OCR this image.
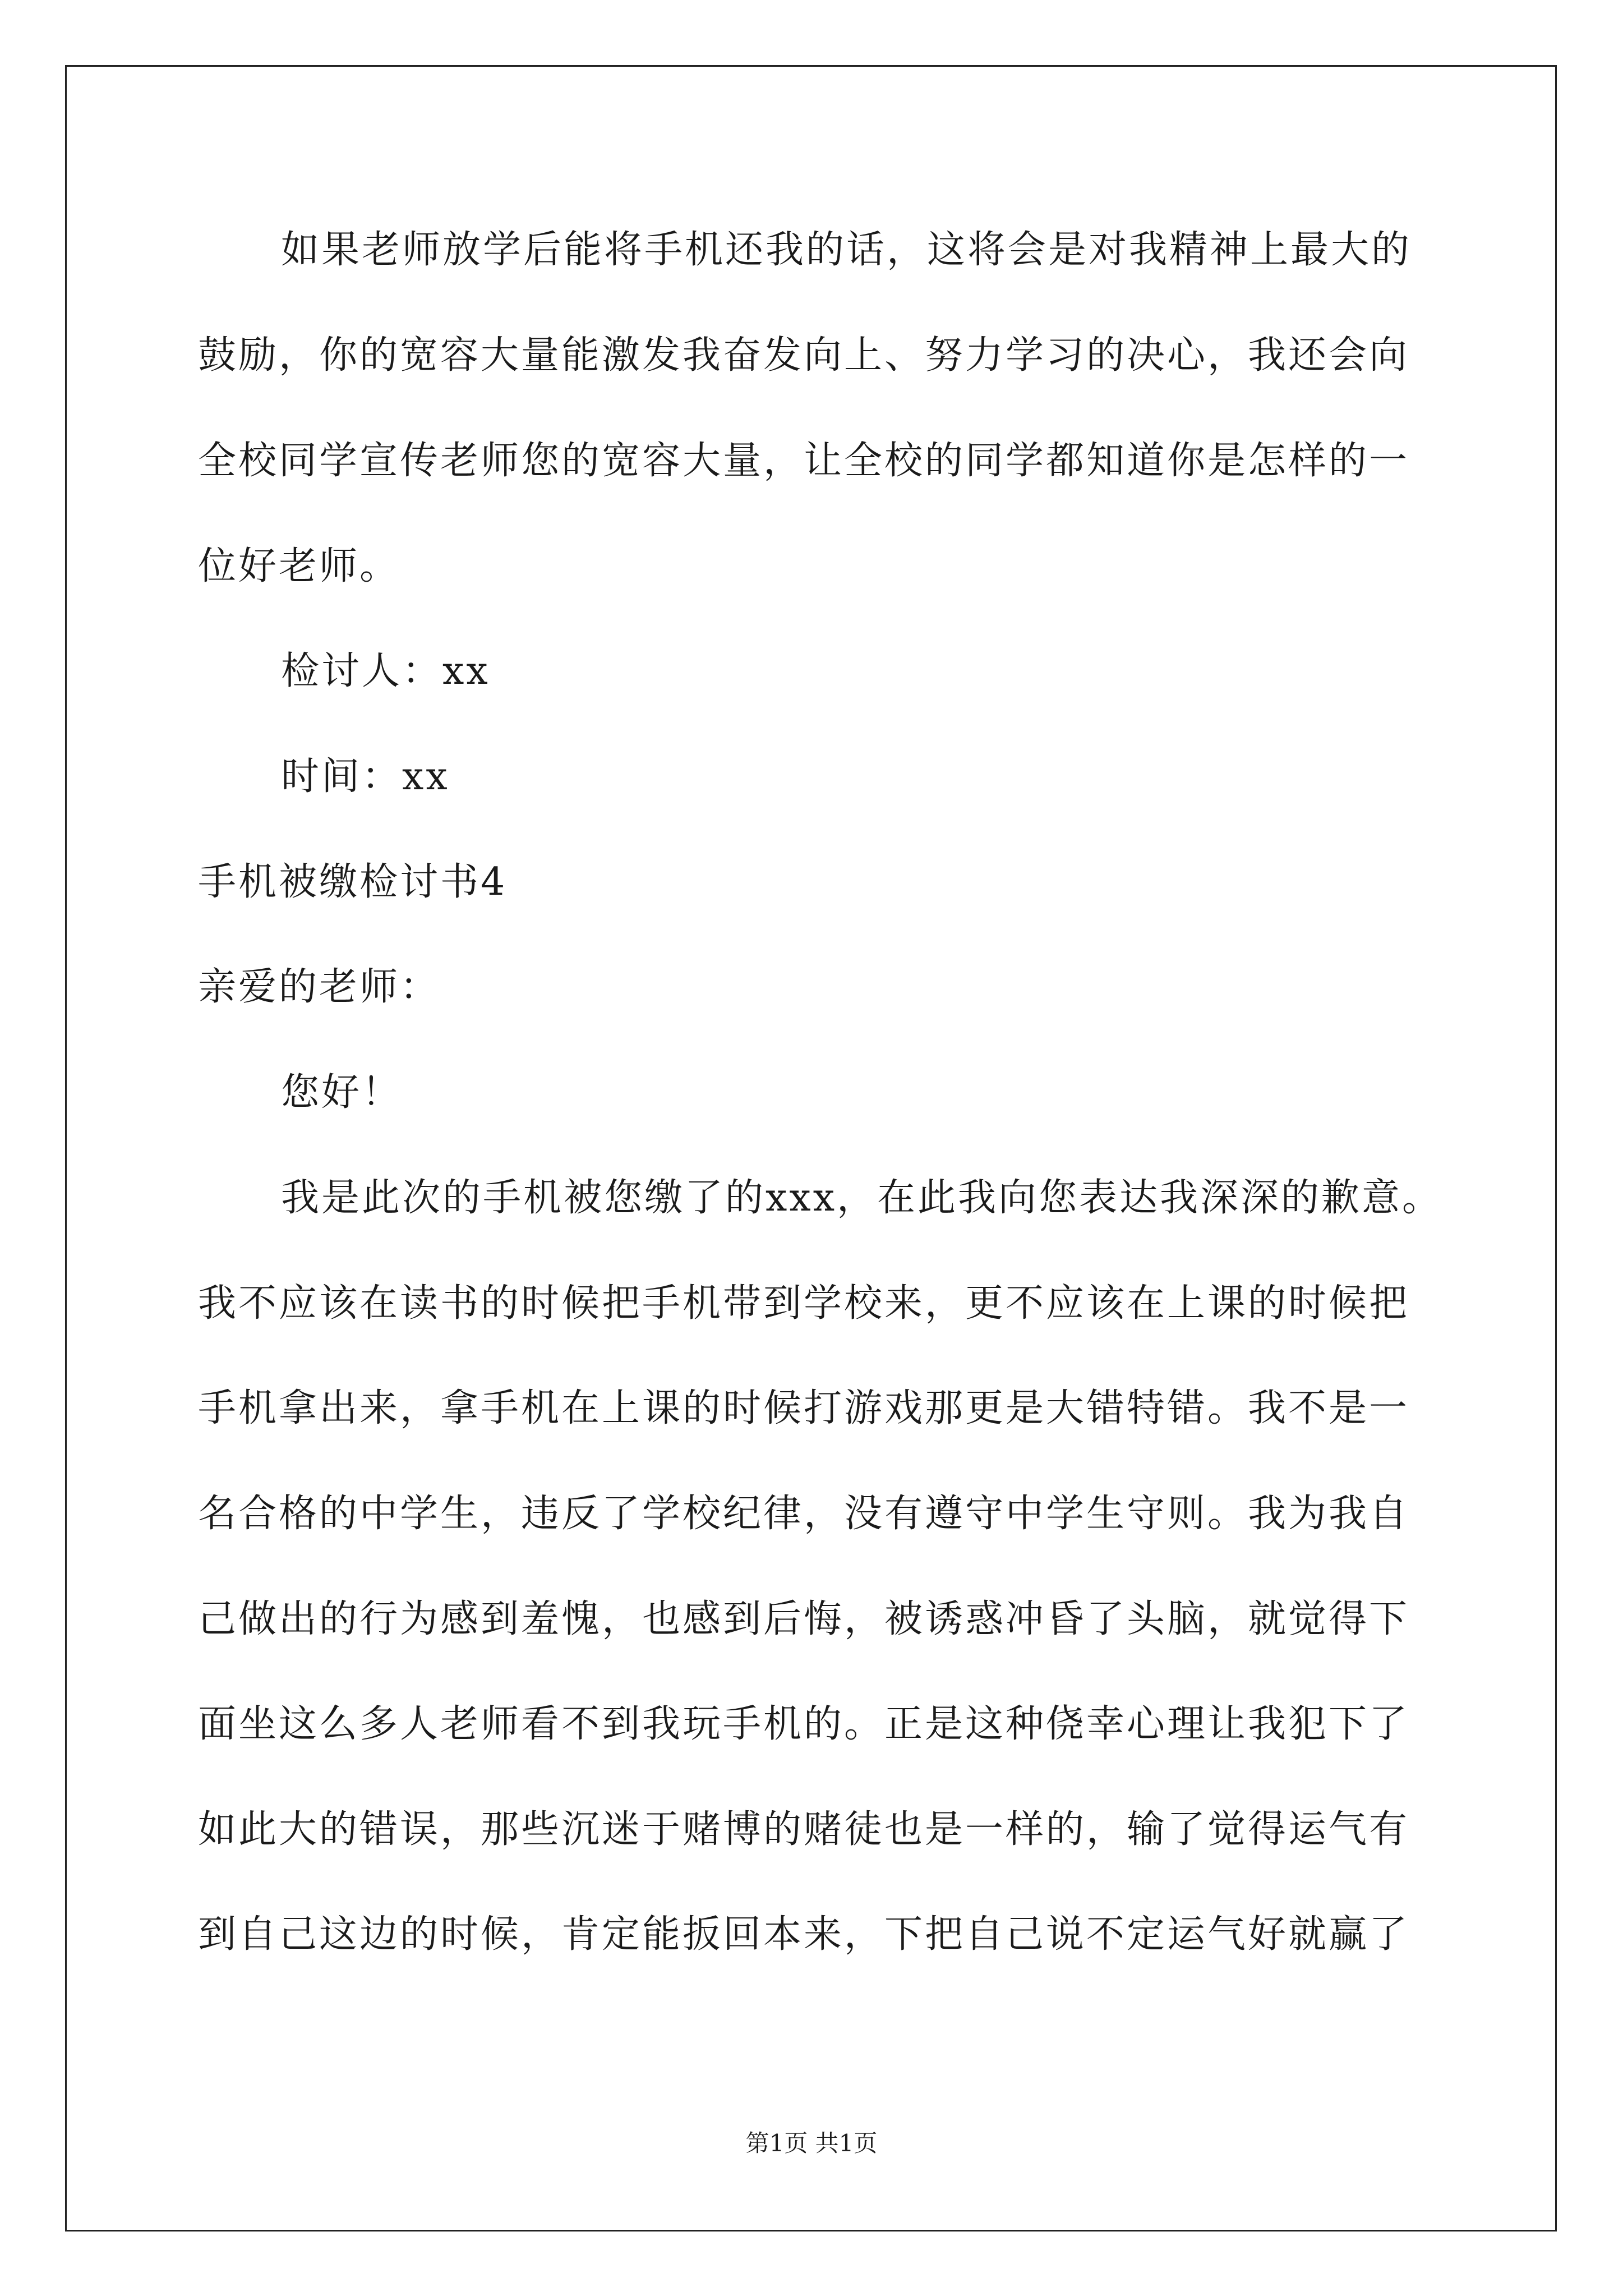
如果老师放学后能将手机还我的话，这将会是对我精神上最大的
鼓励，你的宽容大量能激发我奋发向上、努力学习的决心，我还会向
全校同学宣传老师您的宽容大量，让全校的同学都知道你是怎样的一
位好老师。
检讨人：xx
时间：xx
手机被缴检讨书4
亲爱的老师：
您好！
我是此次的手机被您缴了的xxx，在此我向您表达我深深的歉意。
我不应该在读书的时候把手机带到学校来，更不应该在上课的时候把
手机拿出来，拿手机在上课的时候打游戏那更是大错特错。我不是一
名合格的中学生，违反了学校纪律，没有遵守中学生守则。我为我自
己做出的行为感到羞愧，也感到后悔，被诱惑冲昏了头脑，就觉得下
面坐这么多人老师看不到我玩手机的。正是这种侥幸心理让我犯下了
如此大的错误，那些沉迷于赌博的赌徒也是一样的，输了觉得运气有
到自己这边的时候，肯定能扳回本来，下把自己说不定运气好就赢了
第1页 共1页
